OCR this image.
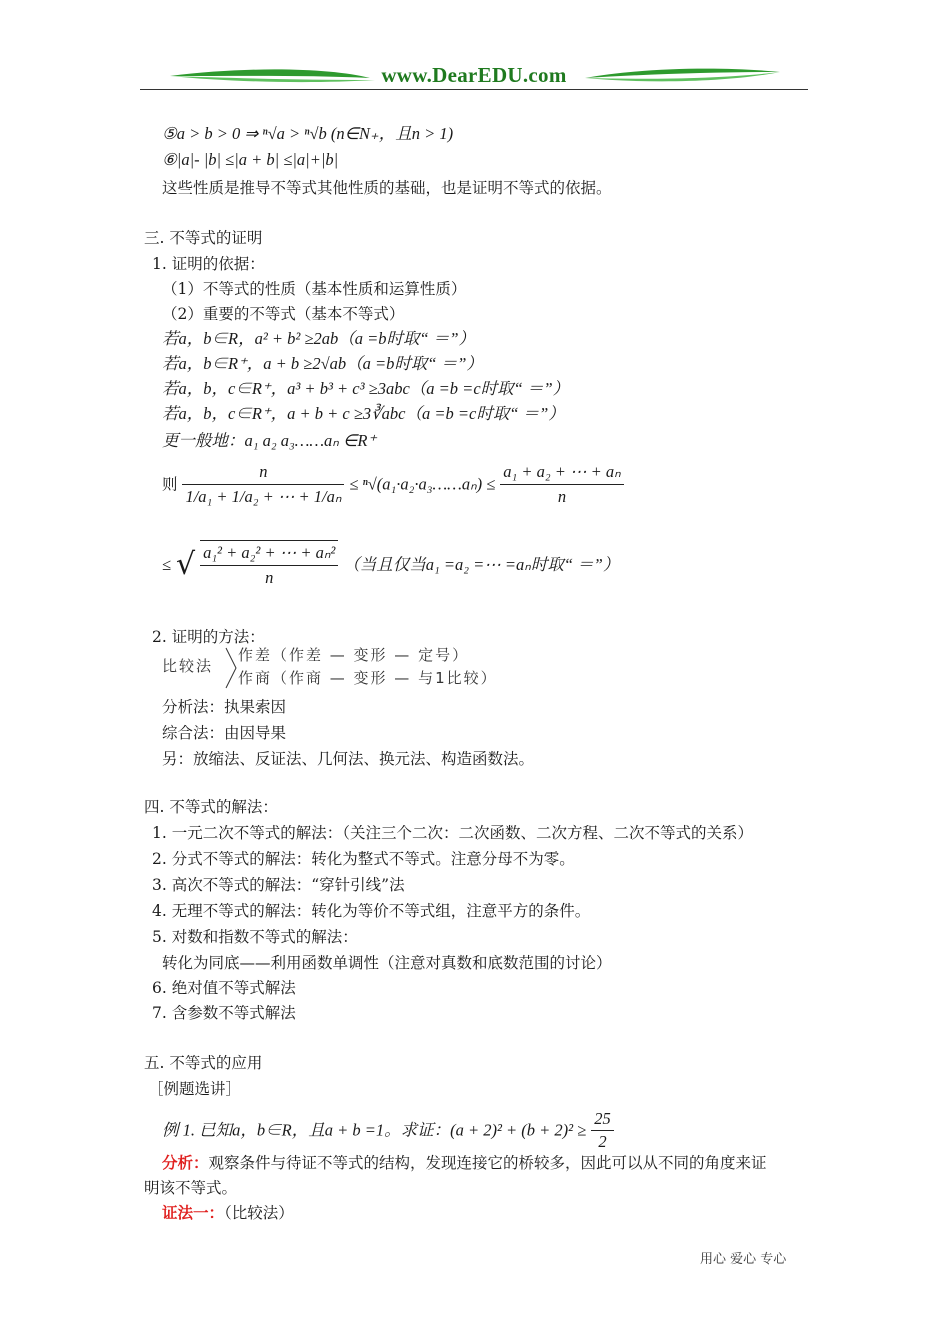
www.DearEDU.com
⑤a > b > 0 ⇒ ⁿ√a > ⁿ√b (n∈N₊，且n > 1)
⑥|a|- |b| ≤|a + b| ≤|a|+|b|
这些性质是推导不等式其他性质的基础，也是证明不等式的依据。
三. 不等式的证明
1. 证明的依据：
（1）不等式的性质（基本性质和运算性质）
（2）重要的不等式（基本不等式）
若a，b∈R，a² + b² ≥2ab（a =b时取“ ＝”）
若a，b∈R⁺，a + b ≥2√ab（a =b时取“ ＝”）
若a，b，c∈R⁺，a³ + b³ + c³ ≥3abc（a =b =c时取“ ＝”）
若a，b，c∈R⁺，a + b + c ≥3∛abc（a =b =c时取“ ＝”）
更一般地：a₁ a₂ a₃……aₙ ∈R⁺
则 $\frac{n}{\text{1/a₁ + 1/a₂ + ⋯ + 1/aₙ}}$ ≤ ⁿ√(a₁·a₂·a₃……aₙ) ≤ $\frac{\text{a₁ + a₂ + ⋯ + aₙ}}{n}$
≤ √ $\frac{\text{a₁² + a₂² + ⋯ + aₙ²}}{n}$ （当且仅当a₁ =a₂ =⋯ =aₙ时取“ ＝”）
2. 证明的方法：
比较法
作差（作差 — 变形 — 定号）
作商（作商 — 变形 — 与1比较）
分析法：执果索因
综合法：由因导果
另：放缩法、反证法、几何法、换元法、构造函数法。
四. 不等式的解法：
1. 一元二次不等式的解法：（关注三个二次：二次函数、二次方程、二次不等式的关系）
2. 分式不等式的解法：转化为整式不等式。注意分母不为零。
3. 高次不等式的解法：“穿针引线”法
4. 无理不等式的解法：转化为等价不等式组，注意平方的条件。
5. 对数和指数不等式的解法：
转化为同底——利用函数单调性（注意对真数和底数范围的讨论）
6. 绝对值不等式解法
7. 含参数不等式解法
五. 不等式的应用
［例题选讲］
例 1. 已知a，b∈R，且a + b =1。求证：$(a + 2)^2 + (b + 2)^2 \ge \frac{25}{2}$
分析：观察条件与待证不等式的结构，发现连接它的桥较多，因此可以从不同的角度来证
明该不等式。
证法一：（比较法）
用心 爱心 专心
